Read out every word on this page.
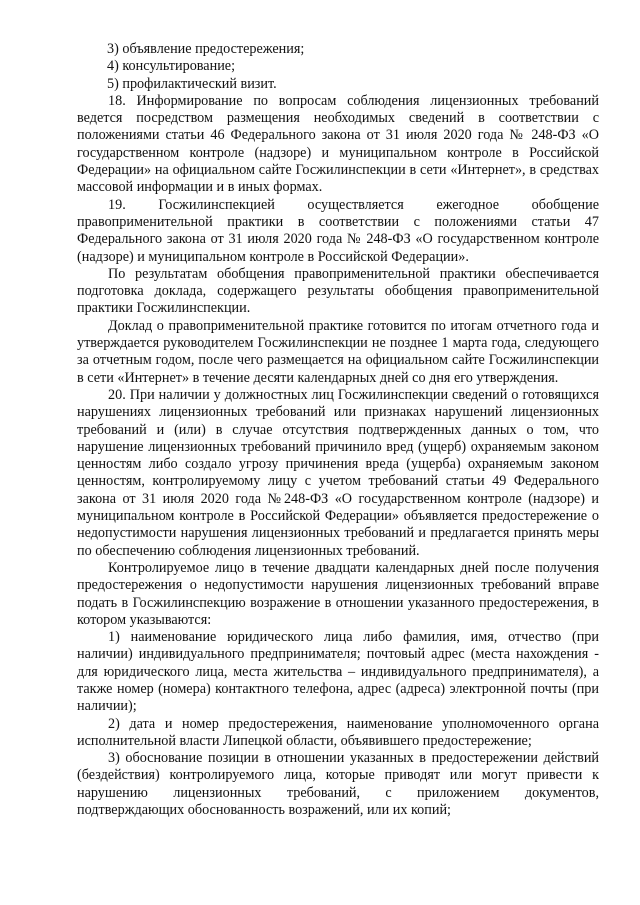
3) объявление предостережения;
4) консультирование;
5) профилактический визит.

18. Информирование по вопросам соблюдения лицензионных требований ведется посредством размещения необходимых сведений в соответствии с положениями статьи 46 Федерального закона от 31 июля 2020 года № 248-ФЗ «О государственном контроле (надзоре) и муниципальном контроле в Российской Федерации» на официальном сайте Госжилинспекции в сети «Интернет», в средствах массовой информации и в иных формах.

19. Госжилинспекцией осуществляется ежегодное обобщение правоприменительной практики в соответствии с положениями статьи 47 Федерального закона от 31 июля 2020 года № 248-ФЗ «О государственном контроле (надзоре) и муниципальном контроле в Российской Федерации».

По результатам обобщения правоприменительной практики обеспечивается подготовка доклада, содержащего результаты обобщения правоприменительной практики Госжилинспекции.

Доклад о правоприменительной практике готовится по итогам отчетного года и утверждается руководителем Госжилинспекции не позднее 1 марта года, следующего за отчетным годом, после чего размещается на официальном сайте Госжилинспекции в сети «Интернет» в течение десяти календарных дней со дня его утверждения.

20. При наличии у должностных лиц Госжилинспекции сведений о готовящихся нарушениях лицензионных требований или признаках нарушений лицензионных требований и (или) в случае отсутствия подтвержденных данных о том, что нарушение лицензионных требований причинило вред (ущерб) охраняемым законом ценностям либо создало угрозу причинения вреда (ущерба) охраняемым законом ценностям, контролируемому лицу с учетом требований статьи 49 Федерального закона от 31 июля 2020 года №248-ФЗ «О государственном контроле (надзоре) и муниципальном контроле в Российской Федерации» объявляется предостережение о недопустимости нарушения лицензионных требований и предлагается принять меры по обеспечению соблюдения лицензионных требований.

Контролируемое лицо в течение двадцати календарных дней после получения предостережения о недопустимости нарушения лицензионных требований вправе подать в Госжилинспекцию возражение в отношении указанного предостережения, в котором указываются:

1) наименование юридического лица либо фамилия, имя, отчество (при наличии) индивидуального предпринимателя; почтовый адрес (места нахождения - для юридического лица, места жительства – индивидуального предпринимателя), а также номер (номера) контактного телефона, адрес (адреса) электронной почты (при наличии);

2) дата и номер предостережения, наименование уполномоченного органа исполнительной власти Липецкой области, объявившего предостережение;

3) обоснование позиции в отношении указанных в предостережении действий (бездействия) контролируемого лица, которые приводят или могут привести к нарушению лицензионных требований, с приложением документов, подтверждающих обоснованность возражений, или их копий;
